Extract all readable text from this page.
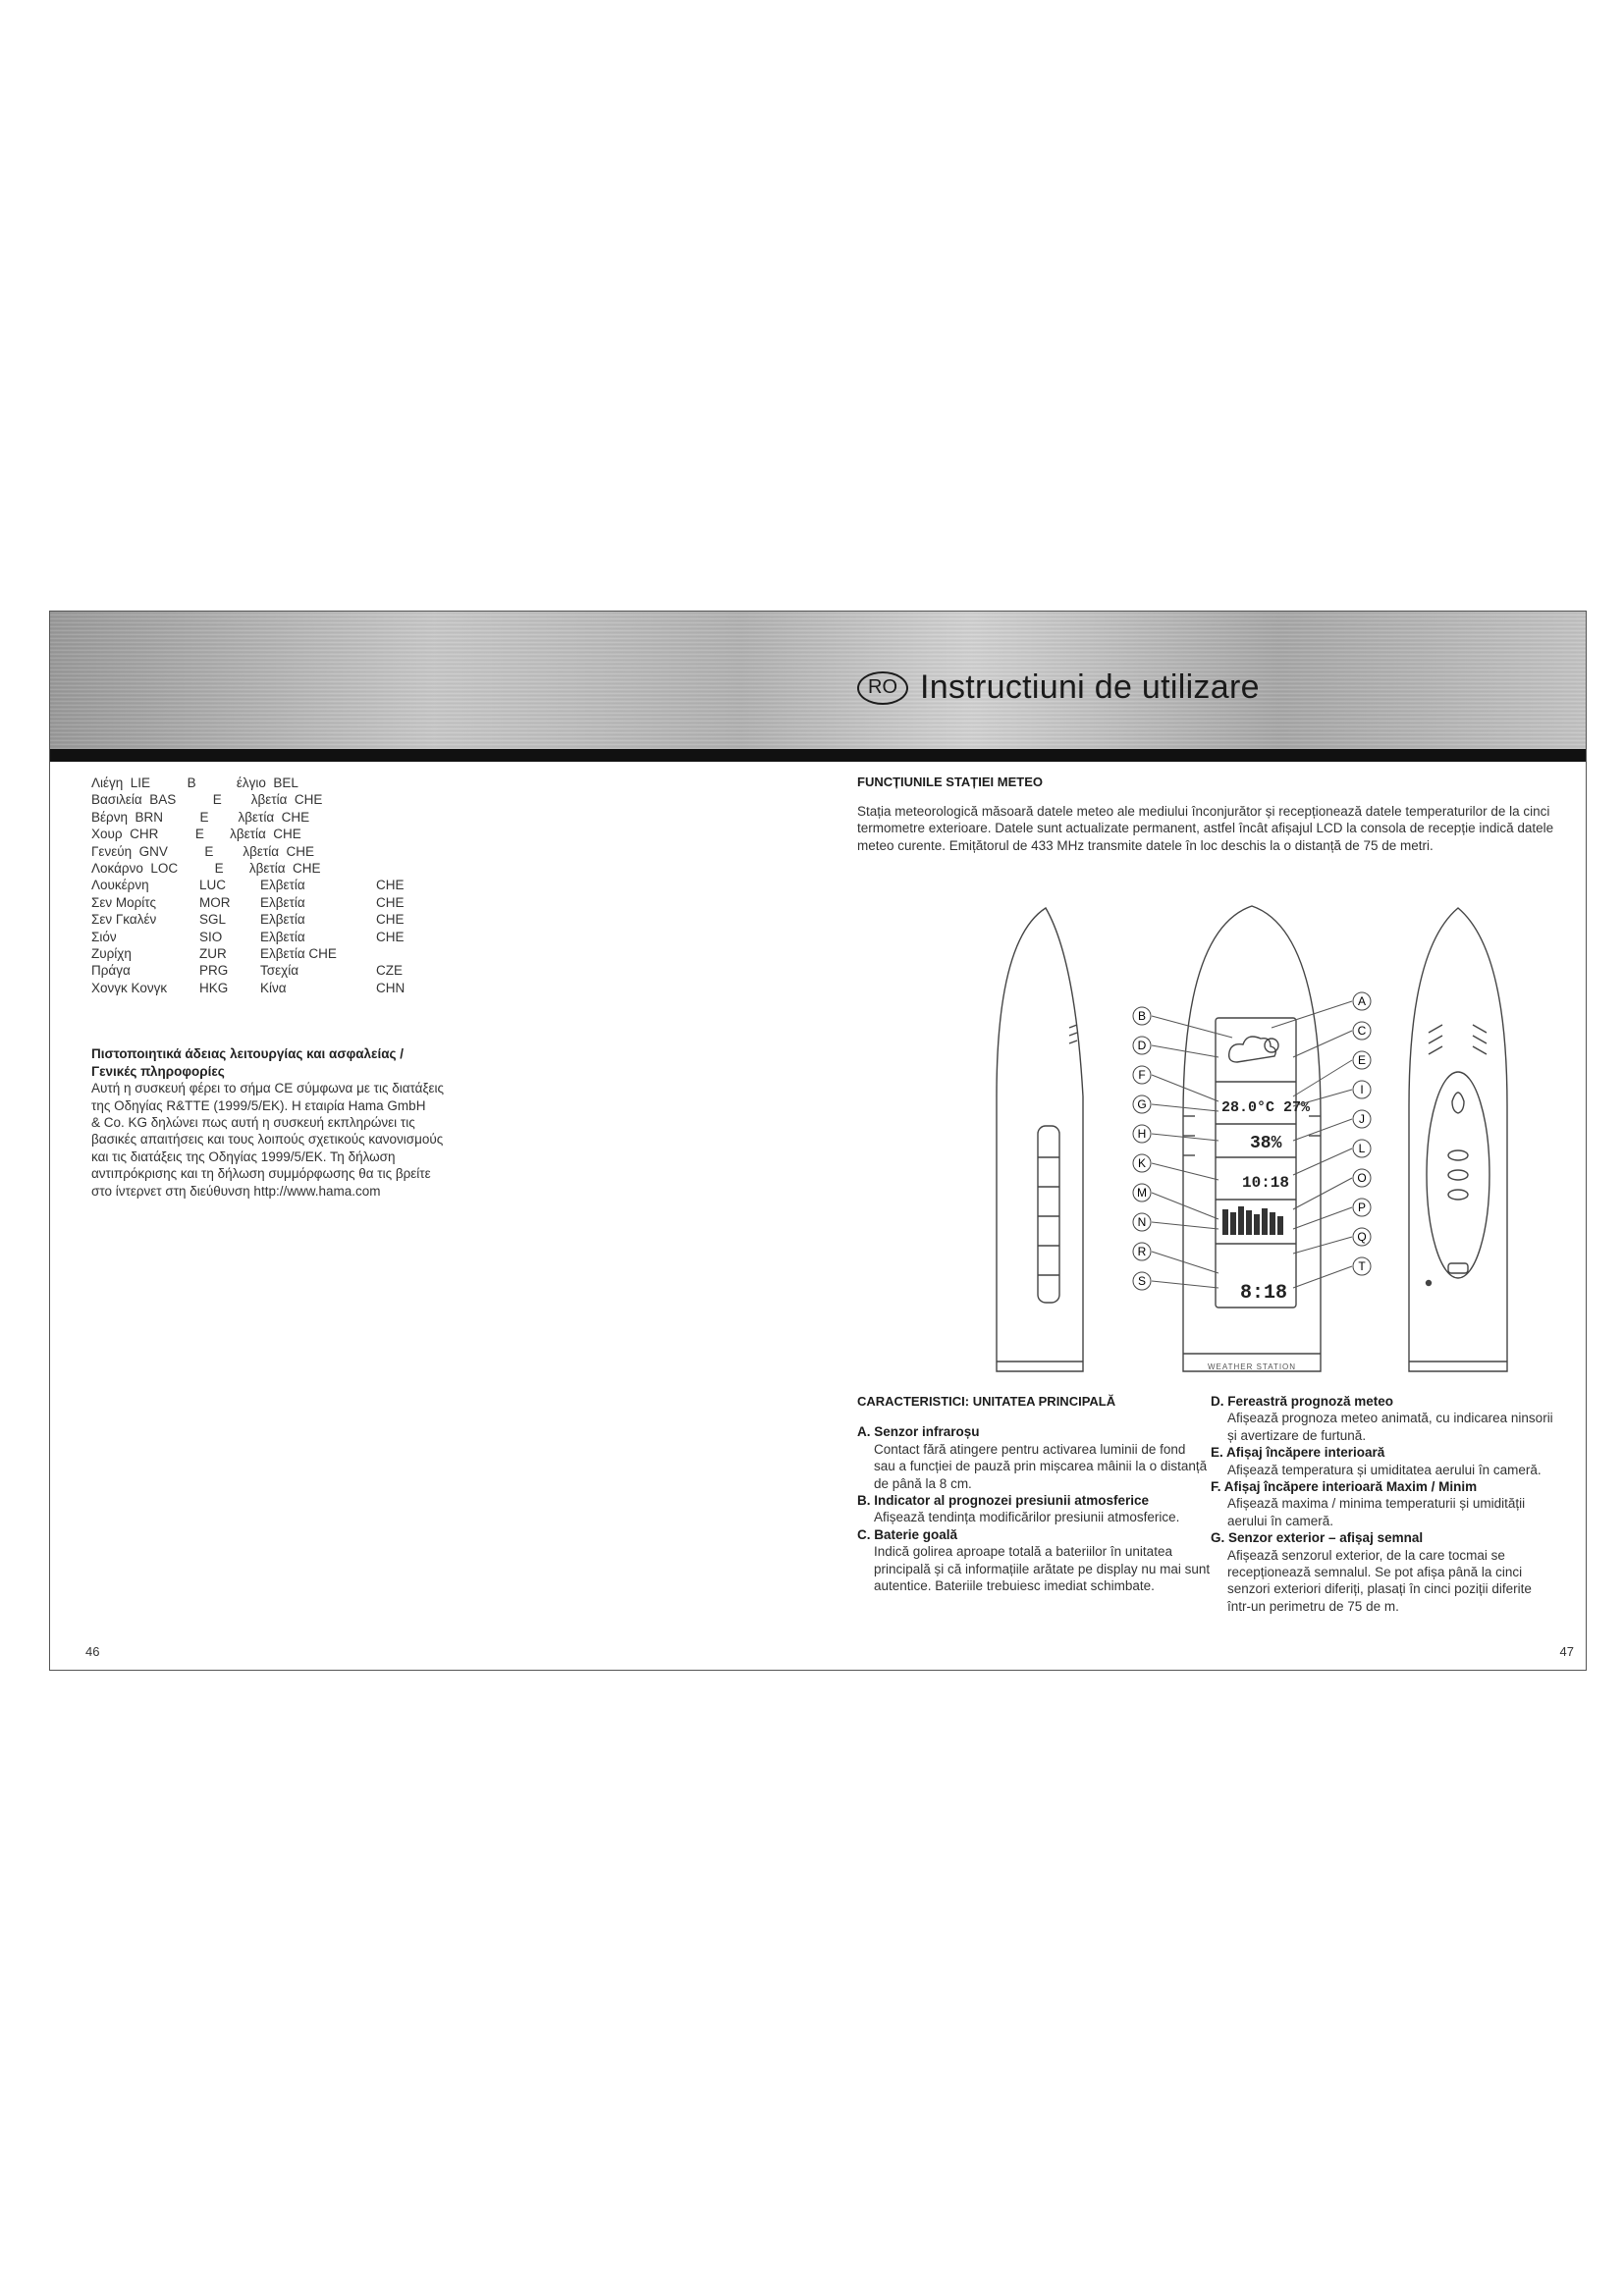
RO Instructiuni de utilizare
Λιέγη  LIE          B           έλγιο  BEL
Βασιλεία  BAS          E        λβετία  CHE
Βέρνη  BRN          E        λβετία  CHE
Χουρ  CHR          E       λβετία  CHE
Γενεύη  GNV          E        λβετία  CHE
Λοκάρνο  LOC          E       λβετία  CHE
Λουκέρνη	LUC	Ελβετία	CHE
Σεν Μορίτς	MOR	Ελβετία	CHE
Σεν Γκαλέν	SGL	Ελβετία	CHE
Σιόν	SIO	Ελβετία	CHE
Ζυρίχη	ZUR	Ελβετία CHE
Πράγα	PRG	Τσεχία	CZE
Χονγκ Κονγκ	HKG	Κίνα	CHN
Πιστοποιητικά άδειας λειτουργίας και ασφαλείας /
Γενικές πληροφορίες

Αυτή η συσκευή φέρει το σήμα CE σύμφωνα με τις διατάξεις

της Οδηγίας R&TTE (1999/5/ΕΚ). Η εταιρία Hama GmbH

& Co. KG δηλώνει πως αυτή η συσκευή εκπληρώνει τις

βασικές απαιτήσεις και τους λοιπούς σχετικούς κανονισμούς

και τις διατάξεις της Οδηγίας 1999/5/ΕΚ. Τη δήλωση

αντιπρόκρισης και τη δήλωση συμμόρφωσης θα τις βρείτε

στο ίντερνετ στη διεύθυνση http://www.hama.com

FUNCȚIUNILE STAȚIEI METEO
Stația meteorologică măsoară datele meteo ale mediului înconjurător și recepționează datele temperaturilor de la cinci
termometre exterioare. Datele sunt actualizate permanent, astfel încât afișajul LCD la consola de recepție indică datele
meteo curente. Emițătorul de 433 MHz transmite datele în loc deschis la o distanță de 75 de metri.
28.0°C 27%
38%
10:18
8:18
WEATHER STATION
B
D
F
G
H
K
M
N
R
S
A
C
E
I
J
L
O
P
Q
T
CARACTERISTICI: UNITATEA PRINCIPALĂ
A. Senzor infraroșu
Contact fără atingere pentru activarea luminii de fond
sau a funcției de pauză prin mișcarea mâinii la o distanță
de până la 8 cm.
B. Indicator al prognozei presiunii atmosferice
Afișează tendința modificărilor presiunii atmosferice.
C. Baterie goală
Indică golirea aproape totală a bateriilor în unitatea
principală și că informațiile arătate pe display nu mai sunt
autentice. Bateriile trebuiesc imediat schimbate.
D. Fereastră prognoză meteo
Afișează prognoza meteo animată, cu indicarea ninsorii
și avertizare de furtună.
E. Afișaj încăpere interioară
Afișează temperatura și umiditatea aerului în cameră.
F. Afișaj încăpere interioară Maxim / Minim
Afișează maxima / minima temperaturii și umidității
aerului în cameră.
G. Senzor exterior – afișaj semnal
Afișează senzorul exterior, de la care tocmai se
recepționează semnalul. Se pot afișa până la cinci
senzori exteriori diferiți, plasați în cinci poziții diferite
într-un perimetru de 75 de m.
46	47
